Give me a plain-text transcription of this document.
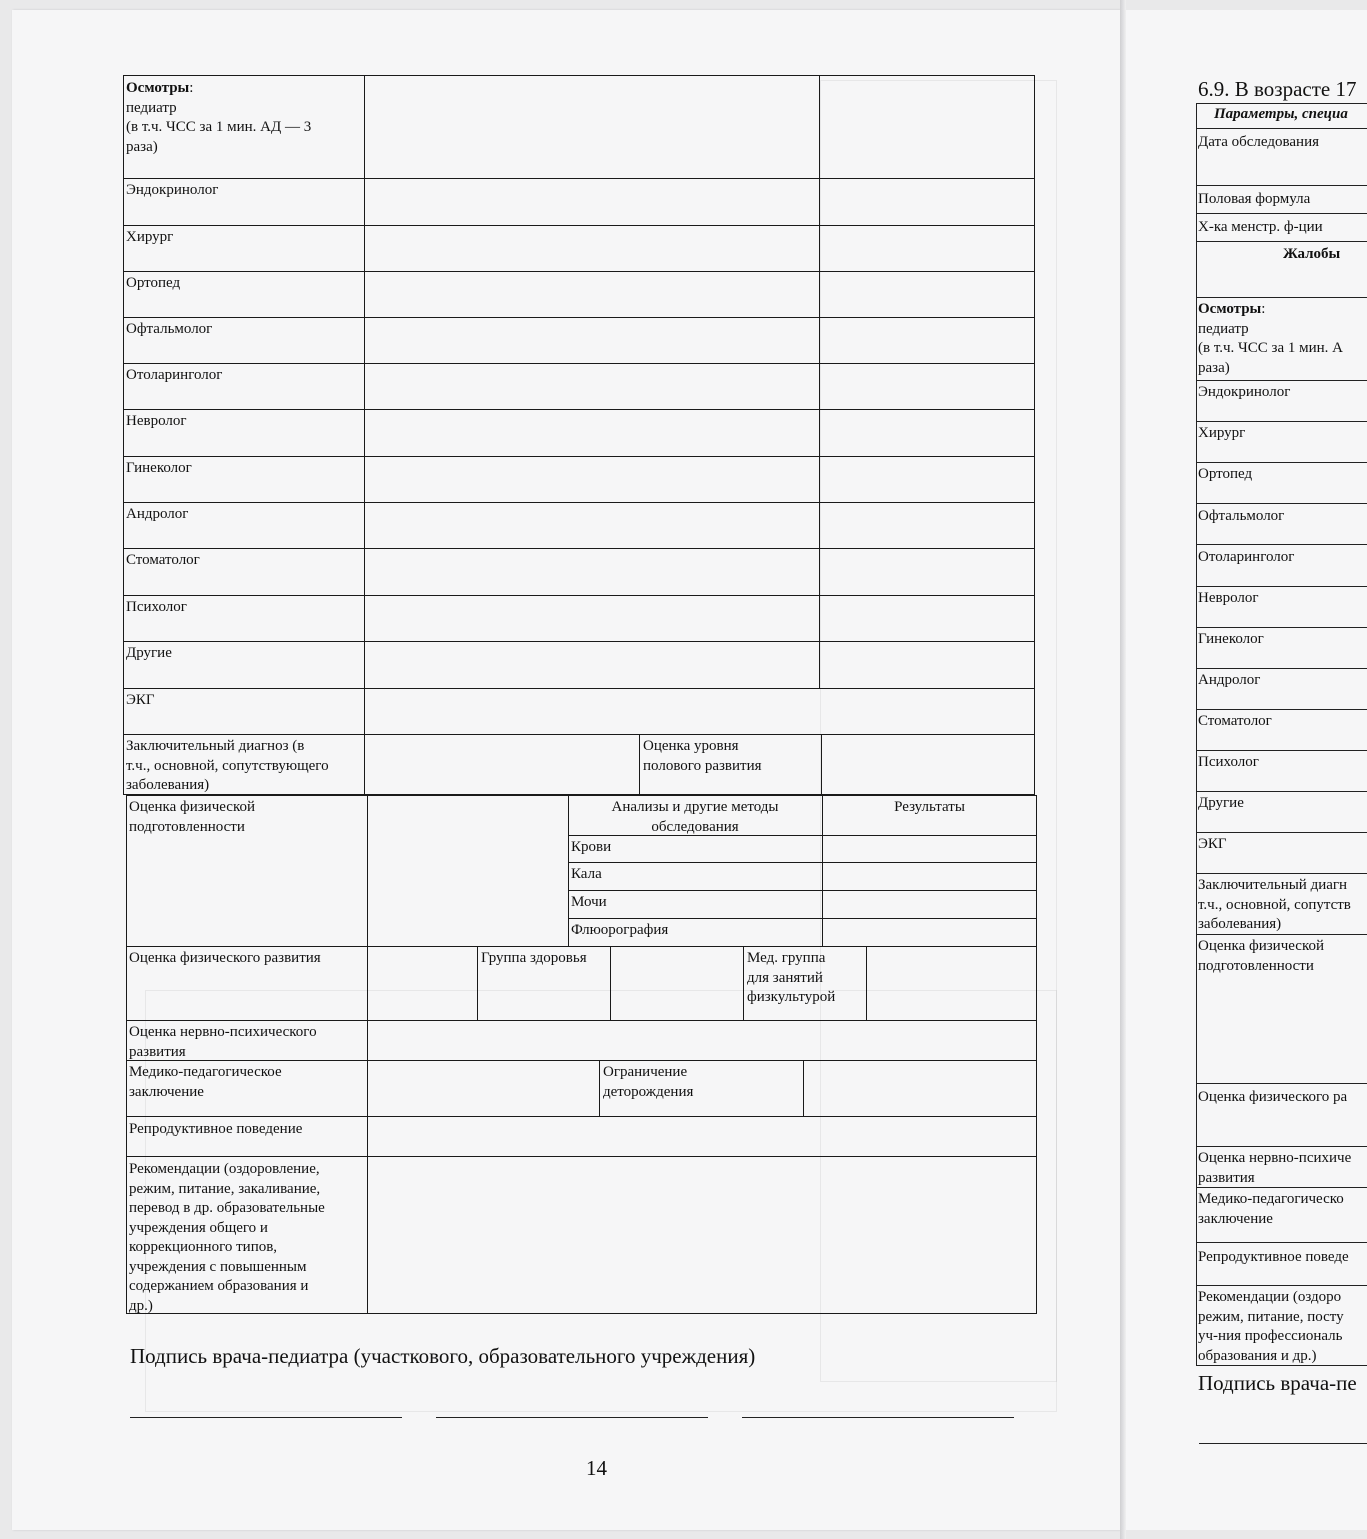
Осмотры:
педиатр
(в т.ч. ЧСС за 1 мин. АД — 3
раза)
Эндокринолог
Хирург
Ортопед
Офтальмолог
Отоларинголог
Невролог
Гинеколог
Андролог
Стоматолог
Психолог
Другие
ЭКГ
Заключительный диагноз (в
т.ч., основной, сопутствующего
заболевания)
Оценка уровня
полового развития
Оценка физической
подготовленности
Анализы и другие методы
обследования
Результаты
Крови
Кала
Мочи
Флюорография
Оценка физического развития	Группа здоровья	Мед. группа
для занятий
физкультурой
Оценка нервно-психического
развития
Медико-педагогическое
заключение
Ограничение
деторождения
Репродуктивное поведение
Рекомендации (оздоровление,
режим, питание, закаливание,
перевод в др. образовательные
учреждения общего и
коррекционного типов,
учреждения с повышенным
содержанием образования и
др.)
Подпись врача-педиатра (участкового, образовательного учреждения)
14
6.9. В возрасте 17
Параметры, специа
Дата обследования
Половая формула
Х-ка менстр. ф-ции
Жалобы
Осмотры:
педиатр
(в т.ч. ЧСС за 1 мин. А
раза)
Эндокринолог
Хирург
Ортопед
Офтальмолог
Отоларинголог
Невролог
Гинеколог
Андролог
Стоматолог
Психолог
Другие
ЭКГ
Заключительный диагн
т.ч., основной, сопутств
заболевания)
Оценка физической
подготовленности
Оценка физического ра
Оценка нервно-психиче
развития
Медико-педагогическо
заключение
Репродуктивное поведе
Рекомендации (оздоро
режим, питание, посту
уч-ния профессиональ
образования и др.)
Подпись врача-пе
